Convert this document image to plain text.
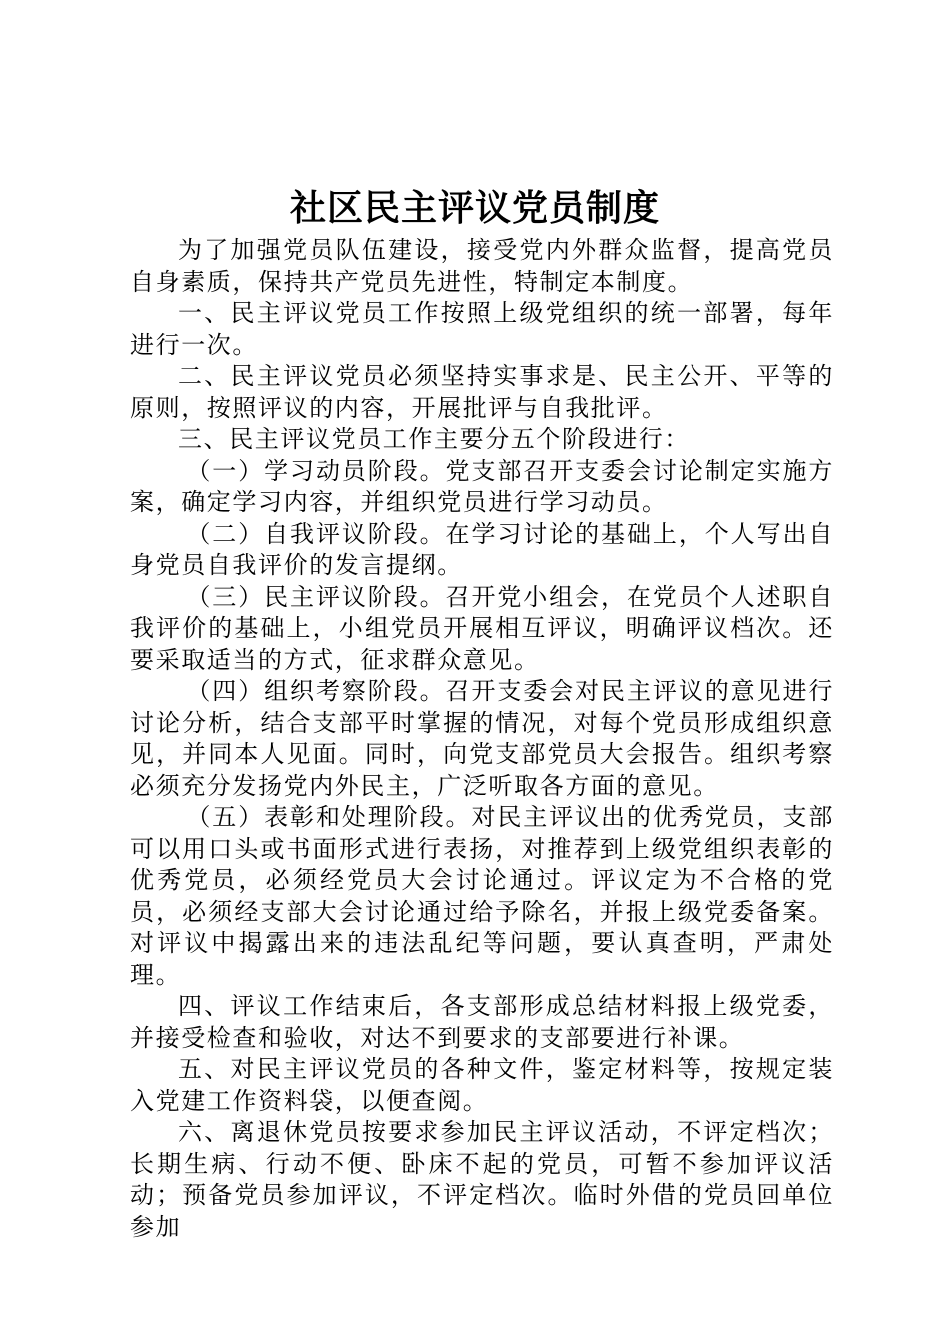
社区民主评议党员制度

为了加强党员队伍建设，接受党内外群众监督，提高党员自身素质，保持共产党员先进性，特制定本制度。

一、民主评议党员工作按照上级党组织的统一部署，每年进行一次。

二、民主评议党员必须坚持实事求是、民主公开、平等的原则，按照评议的内容，开展批评与自我批评。

三、民主评议党员工作主要分五个阶段进行：

（一）学习动员阶段。党支部召开支委会讨论制定实施方案，确定学习内容，并组织党员进行学习动员。

（二）自我评议阶段。在学习讨论的基础上，个人写出自身党员自我评价的发言提纲。

（三）民主评议阶段。召开党小组会，在党员个人述职自我评价的基础上，小组党员开展相互评议，明确评议档次。还要采取适当的方式，征求群众意见。

（四）组织考察阶段。召开支委会对民主评议的意见进行讨论分析，结合支部平时掌握的情况，对每个党员形成组织意见，并同本人见面。同时，向党支部党员大会报告。组织考察必须充分发扬党内外民主，广泛听取各方面的意见。

（五）表彰和处理阶段。对民主评议出的优秀党员，支部可以用口头或书面形式进行表扬，对推荐到上级党组织表彰的优秀党员，必须经党员大会讨论通过。评议定为不合格的党员，必须经支部大会讨论通过给予除名，并报上级党委备案。对评议中揭露出来的违法乱纪等问题，要认真查明，严肃处理。

四、评议工作结束后，各支部形成总结材料报上级党委，并接受检查和验收，对达不到要求的支部要进行补课。

五、对民主评议党员的各种文件，鉴定材料等，按规定装入党建工作资料袋，以便查阅。

六、离退休党员按要求参加民主评议活动，不评定档次；长期生病、行动不便、卧床不起的党员，可暂不参加评议活动；预备党员参加评议，不评定档次。临时外借的党员回单位参加
